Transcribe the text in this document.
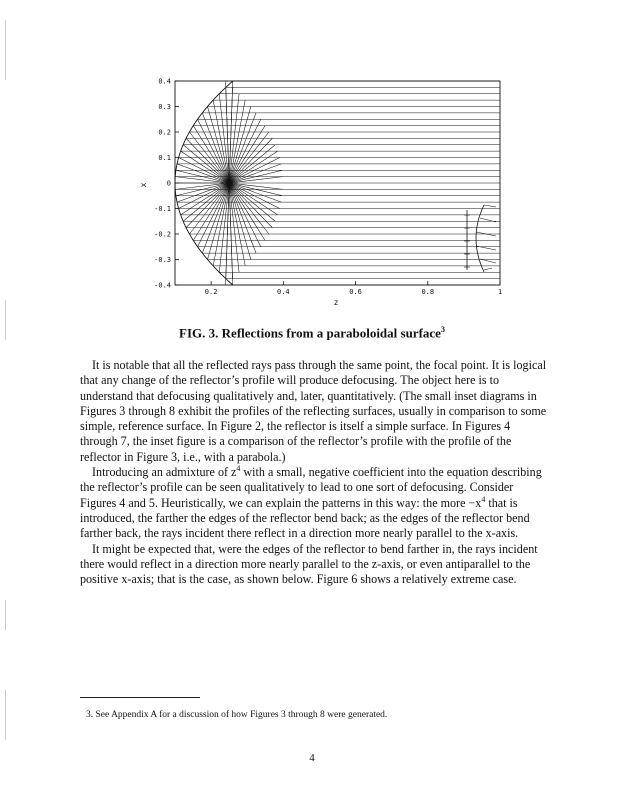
0.4
0.3
0.2
0.1
0
-0.1
-0.2
-0.3
-0.4
0.2	0.4	0.6	0.8	1
x
z
FIG. 3. Reflections from a paraboloidal surface$^3$

It is notable that all the reflected rays pass through the same point, the focal point. It is logical that any change of the reflector’s profile will produce defocusing. The object here is to understand that defocusing qualitatively and, later, quantitatively. (The small inset diagrams in Figures 3 through 8 exhibit the profiles of the reflecting surfaces, usually in comparison to some simple, reference surface. In Figure 2, the reflector is itself a simple surface. In Figures 4 through 7, the inset figure is a comparison of the reflector’s profile with the profile of the reflector in Figure 3, i.e., with a parabola.)

Introducing an admixture of $z^4$ with a small, negative coefficient into the equation describing the reflector’s profile can be seen qualitatively to lead to one sort of defocusing. Consider Figures 4 and 5. Heuristically, we can explain the patterns in this way: the more $-x^4$ that is introduced, the farther the edges of the reflector bend back; as the edges of the reflector bend farther back, the rays incident there reflect in a direction more nearly parallel to the x-axis.

It might be expected that, were the edges of the reflector to bend farther in, the rays incident there would reflect in a direction more nearly parallel to the z-axis, or even antiparallel to the positive x-axis; that is the case, as shown below. Figure 6 shows a relatively extreme case.

3. See Appendix A for a discussion of how Figures 3 through 8 were generated.
4
